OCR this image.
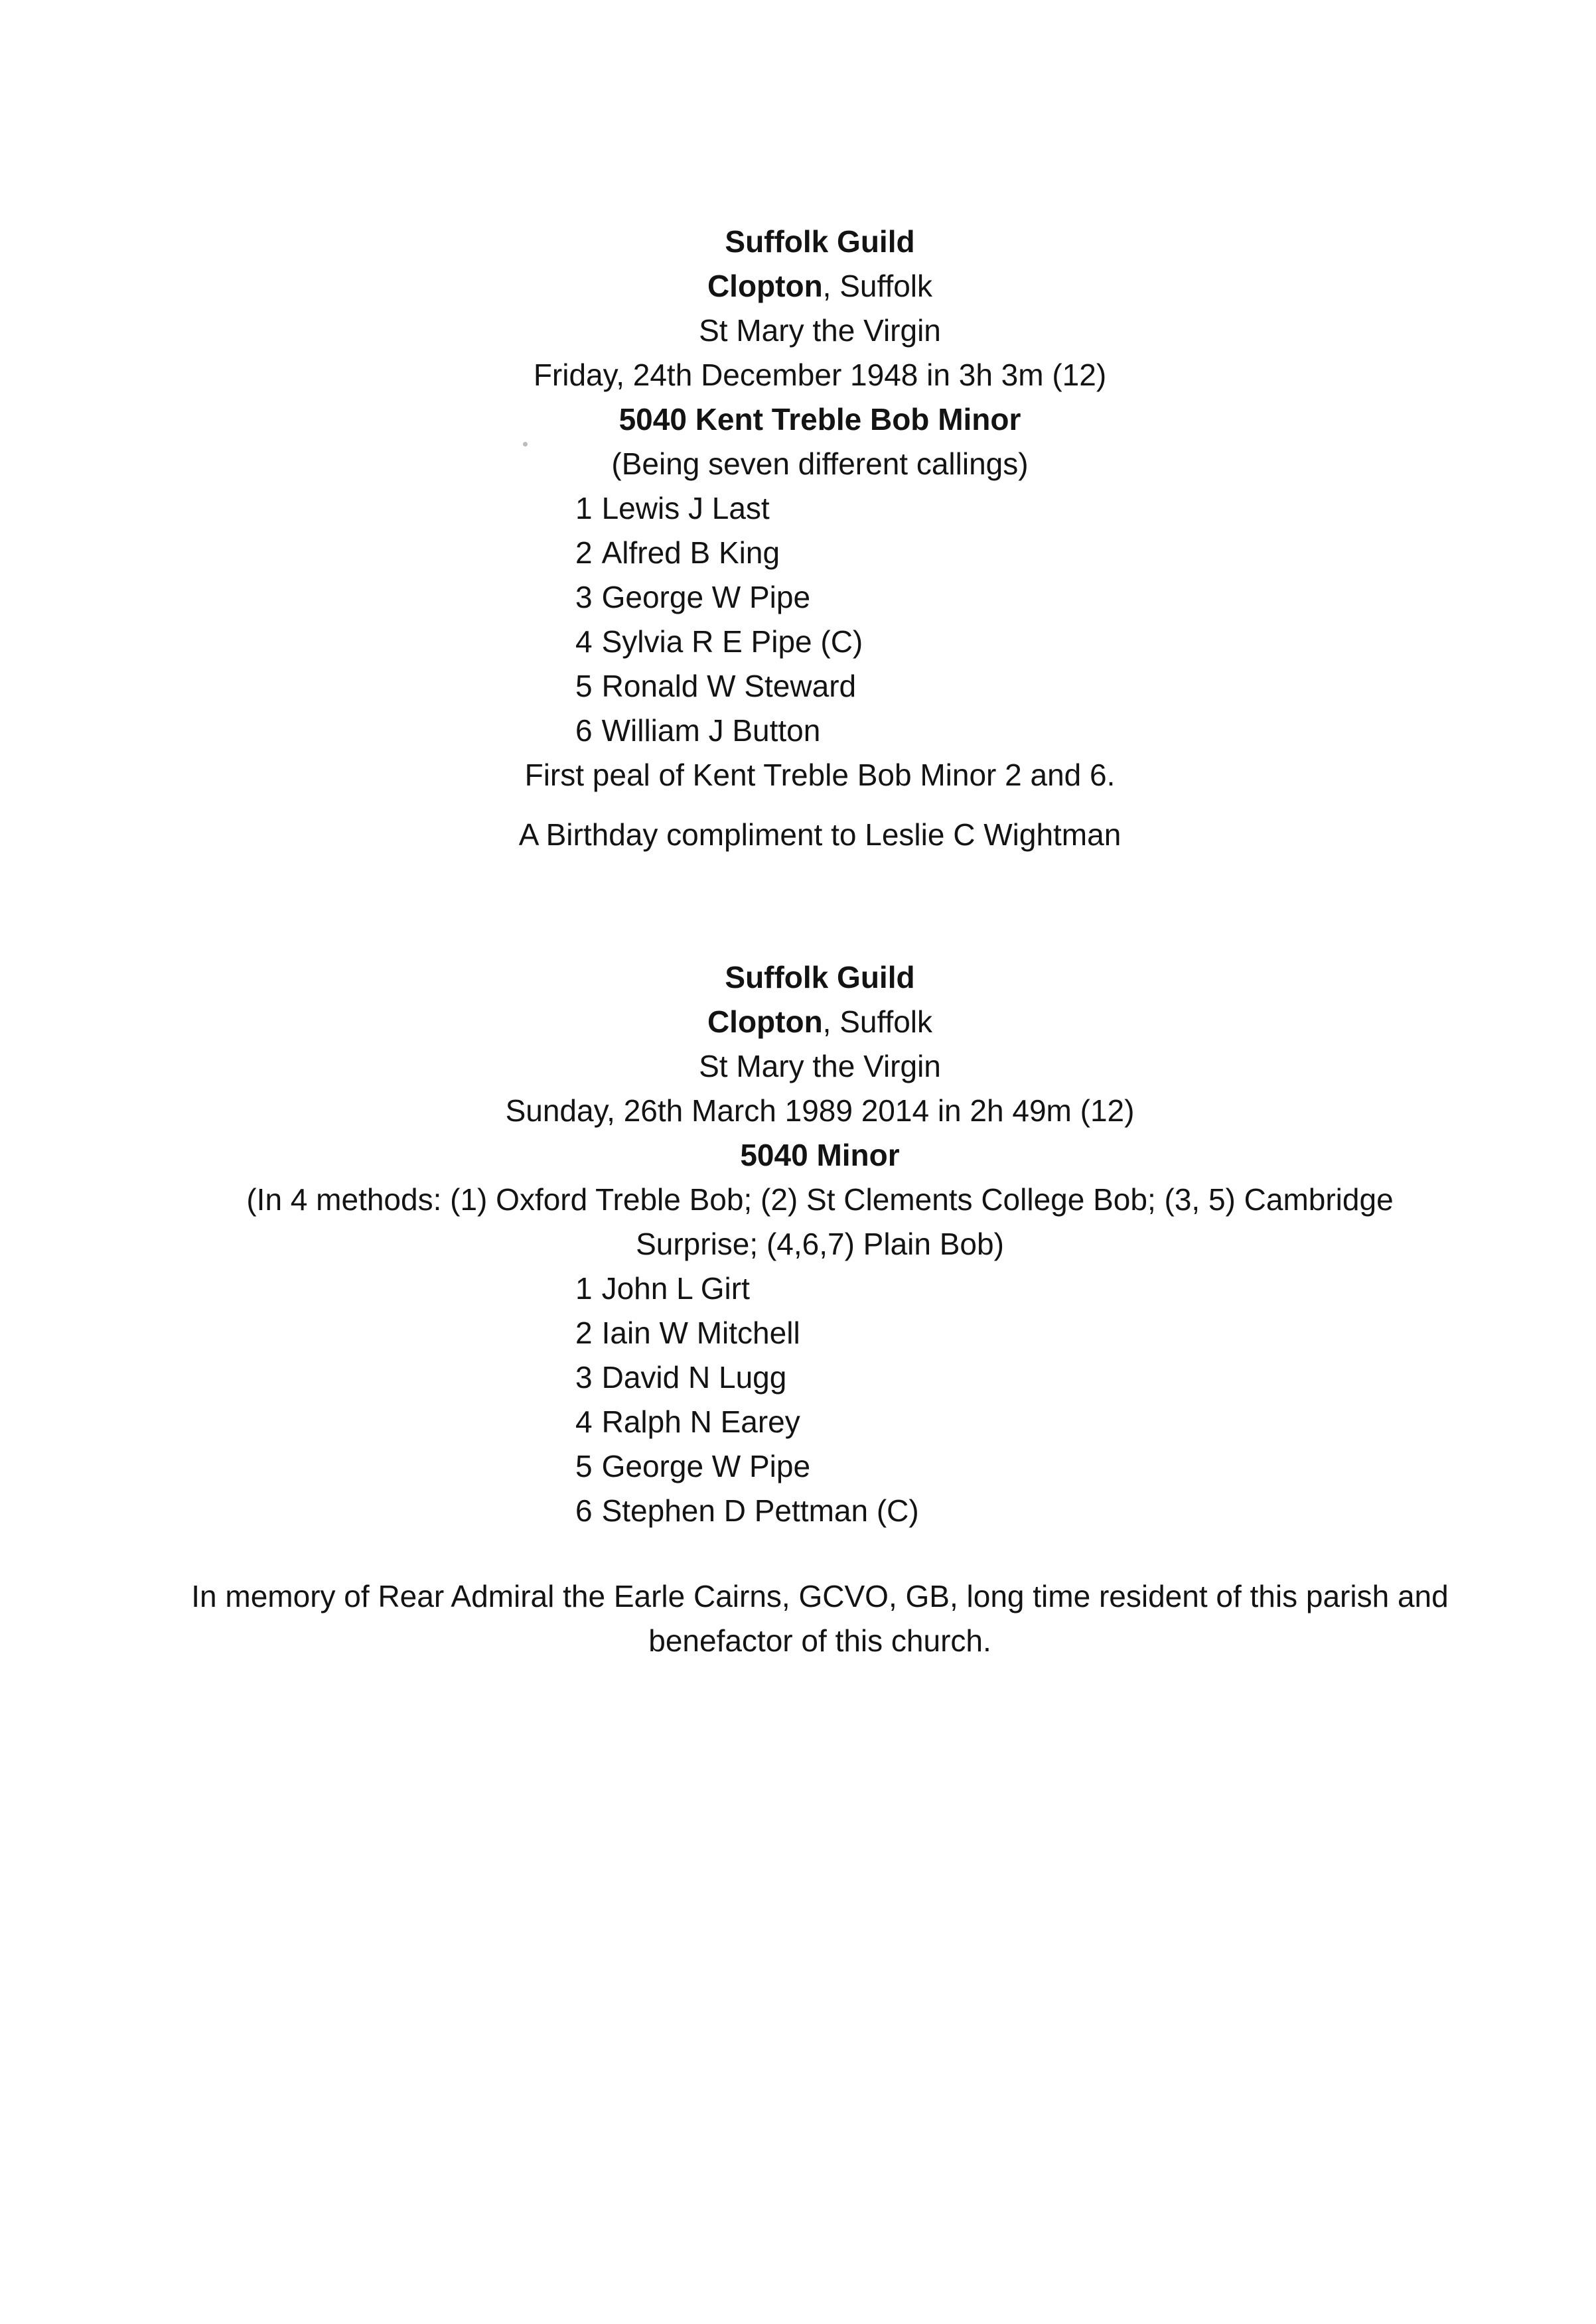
Suffolk Guild
Clopton, Suffolk
St Mary the Virgin
Friday, 24th December 1948 in 3h 3m (12)
5040 Kent Treble Bob Minor
(Being seven different callings)
1 Lewis J Last
2 Alfred B King
3 George W Pipe
4 Sylvia R E Pipe (C)
5 Ronald W Steward
6 William J Button
First peal of Kent Treble Bob Minor 2 and 6.
A Birthday compliment to Leslie C Wightman
Suffolk Guild
Clopton, Suffolk
St Mary the Virgin
Sunday, 26th March 1989 2014 in 2h 49m (12)
5040 Minor
(In 4 methods: (1) Oxford Treble Bob; (2) St Clements College Bob; (3, 5) Cambridge Surprise; (4,6,7) Plain Bob)
1 John L Girt
2 Iain W Mitchell
3 David N Lugg
4 Ralph N Earey
5 George W Pipe
6 Stephen D Pettman (C)

In memory of Rear Admiral the Earle Cairns, GCVO, GB, long time resident of this parish and benefactor of this church.
